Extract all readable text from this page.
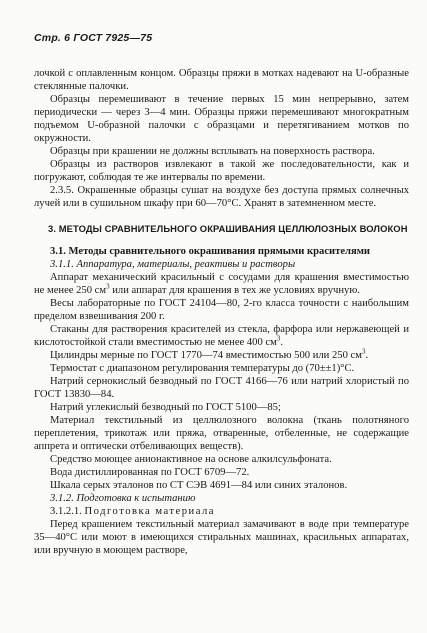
Стр. 6 ГОСТ 7925—75

лочкой с оплавленным концом. Образцы пряжи в мотках надевают на U-образные стеклянные палочки.

Образцы перемешивают в течение первых 15 мин непрерывно, затем периодически — через 3—4 мин. Образцы пряжи перемешивают многократным подъемом U-образной палочки с образцами и перетягиванием мотков по окружности.

Образцы при крашении не должны всплывать на поверхность раствора.

Образцы из растворов извлекают в такой же последовательности, как и погружают, соблюдая те же интервалы по времени.

2.3.5. Окрашенные образцы сушат на воздухе без доступа прямых солнечных лучей или в сушильном шкафу при 60—70°С. Хранят в затемненном месте.

3. МЕТОДЫ СРАВНИТЕЛЬНОГО ОКРАШИВАНИЯ ЦЕЛЛЮЛОЗНЫХ ВОЛОКОН

3.1. Методы сравнительного окрашивания прямыми красителями

3.1.1. Аппаратура, материалы, реактивы и растворы

Аппарат механический красильный с сосудами для крашения вместимостью не менее 250 $см^3$ или аппарат для крашения в тех же условиях вручную.

Весы лабораторные по ГОСТ 24104—80, 2-го класса точности с наибольшим пределом взвешивания 200 г.

Стаканы для растворения красителей из стекла, фарфора или нержавеющей и кислотостойкой стали вместимостью не менее 400 $см^3$.

Цилиндры мерные по ГОСТ 1770—74 вместимостью 500 или 250 $см^3$.

Термостат с диапазоном регулирования температуры до (70±±1)°С.

Натрий сернокислый безводный по ГОСТ 4166—76 или натрий хлористый по ГОСТ 13830—84.

Натрий углекислый безводный по ГОСТ 5100—85;

Материал текстильный из целлюлозного волокна (ткань полотняного переплетения, трикотаж или пряжа, отваренные, отбеленные, не содержащие аппрета и оптически отбеливающих веществ).

Средство моющее анионактивное на основе алкилсульфоната.

Вода дистиллированная по ГОСТ 6709—72.

Шкала серых эталонов по СТ СЭВ 4691—84 или синих эталонов.

3.1.2. Подготовка к испытанию

3.1.2.1. Подготовка материала

Перед крашением текстильный материал замачивают в воде при температуре 35—40°С или моют в имеющихся стиральных машинах, красильных аппаратах, или вручную в моющем растворе,
